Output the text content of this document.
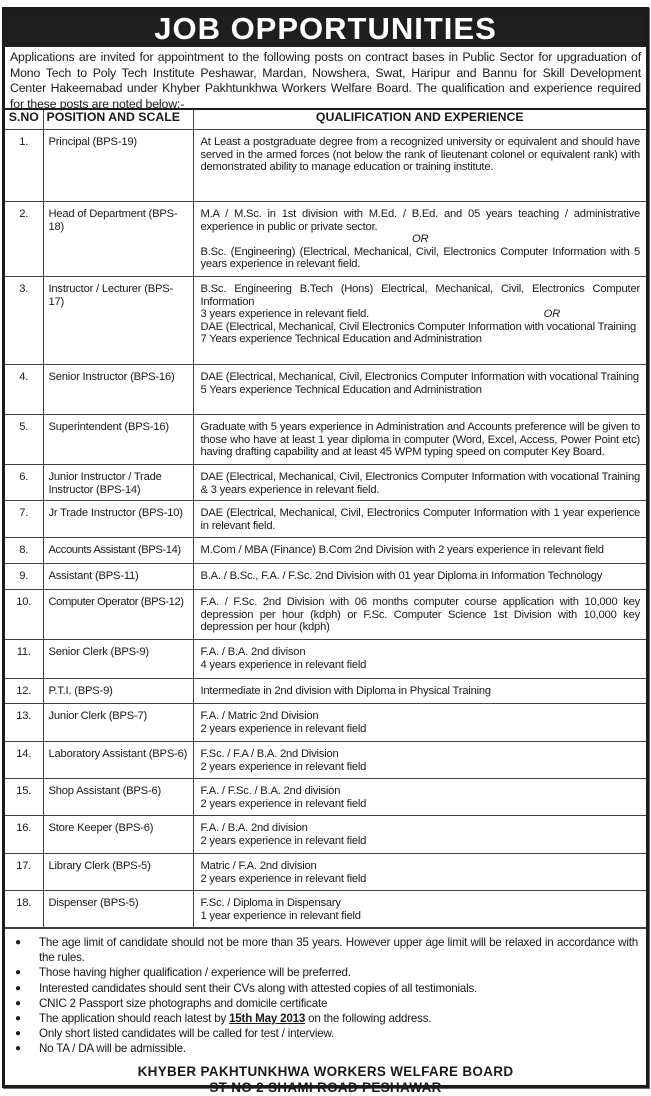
JOB OPPORTUNITIES
Applications are invited for appointment to the following posts on contract bases in Public Sector for upgraduation of Mono Tech to Poly Tech Institute Peshawar, Mardan, Nowshera, Swat, Haripur and Bannu for Skill Development Center Hakeemabad under Khyber Pakhtunkhwa Workers Welfare Board. The qualification and experience required for these posts are noted below:-
S.NO	POSITION AND SCALE	QUALIFICATION AND EXPERIENCE
1.	Principal (BPS-19)	At Least a postgraduate degree from a recognized university or equivalent and should have served in the armed forces (not below the rank of lieutenant colonel or equivalent rank) with demonstrated ability to manage education or training institute.
2.	Head of Department (BPS-18)	M.A / M.Sc. in 1st division with M.Ed. / B.Ed. and 05 years teaching / administrative experience in public or private sector.
OR
B.Sc. (Engineering) (Electrical, Mechanical, Civil, Electronics Computer Information with 5 years experience in relevant field.
3.	Instructor / Lecturer (BPS-17)	B.Sc. Engineering B.Tech (Hons) Electrical, Mechanical, Civil, Electronics Computer Information
OR
3 years experience in relevant field.
DAE (Electrical, Mechanical, Civil Electronics Computer Information with vocational Training
7 Years experience Technical Education and Administration

4.	Senior Instructor (BPS-16)	DAE (Electrical, Mechanical, Civil, Electronics Computer Information with vocational Training
5 Years experience Technical Education and Administration

5.	Superintendent (BPS-16)	Graduate with 5 years experience in Administration and Accounts preference will be given to those who have at least 1 year diploma in computer (Word, Excel, Access, Power Point etc) having drafting capability and at least 45 WPM typing speed on computer Key Board.
6.	Junior Instructor / Trade Instructor (BPS-14)	DAE (Electrical, Mechanical, Civil, Electronics Computer Information with vocational Training & 3 years experience in relevant field.
7.	Jr Trade Instructor (BPS-10)	DAE (Electrical, Mechanical, Civil, Electronics Computer Information with 1 year experience in relevant field.
8.	Accounts Assistant (BPS-14)	M.Com / MBA (Finance) B.Com 2nd Division with 2 years experience in relevant field
9.	Assistant (BPS-11)	B.A. / B.Sc., F.A. / F.Sc. 2nd Division with 01 year Diploma in Information Technology
10.	Computer Operator (BPS-12)	F.A. / F.Sc. 2nd Division with 06 months computer course application with 10,000 key depression per hour (kdph) or F.Sc. Computer Science 1st Division with 10,000 key depression per hour (kdph)
11.	Senior Clerk (BPS-9)	F.A. / B.A. 2nd divison
4 years experience in relevant field

12.	P.T.I. (BPS-9)	Intermediate in 2nd division with Diploma in Physical Training
13.	Junior Clerk (BPS-7)	F.A. / Matric 2nd Division
2 years experience in relevant field

14.	Laboratory Assistant (BPS-6)	F.Sc. / F.A / B.A. 2nd Division
2 years experience in relevant field

15.	Shop Assistant (BPS-6)	F.A. / F.Sc. / B.A. 2nd division
2 years experience in relevant field

16.	Store Keeper (BPS-6)	F.A. / B.A. 2nd division
2 years experience in relevant field

17.	Library Clerk (BPS-5)	Matric / F.A. 2nd division
2 years experience in relevant field

18.	Dispenser (BPS-5)	F.Sc. / Diploma in Dispensary
1 year experience in relevant field
● The age limit of candidate should not be more than 35 years. However upper age limit will be relaxed in accordance with the rules.
● Those having higher qualification / experience will be preferred.
● Interested candidates should sent their CVs along with attested copies of all testimonials.
● CNIC 2 Passport size photographs and domicile certificate
● The application should reach latest by 15th May 2013 on the following address.
● Only short listed candidates will be called for test / interview.
● No TA / DA will be admissible.
KHYBER PAKHTUNKHWA WORKERS WELFARE BOARD
ST NO 2 SHAMI ROAD PESHAWAR
